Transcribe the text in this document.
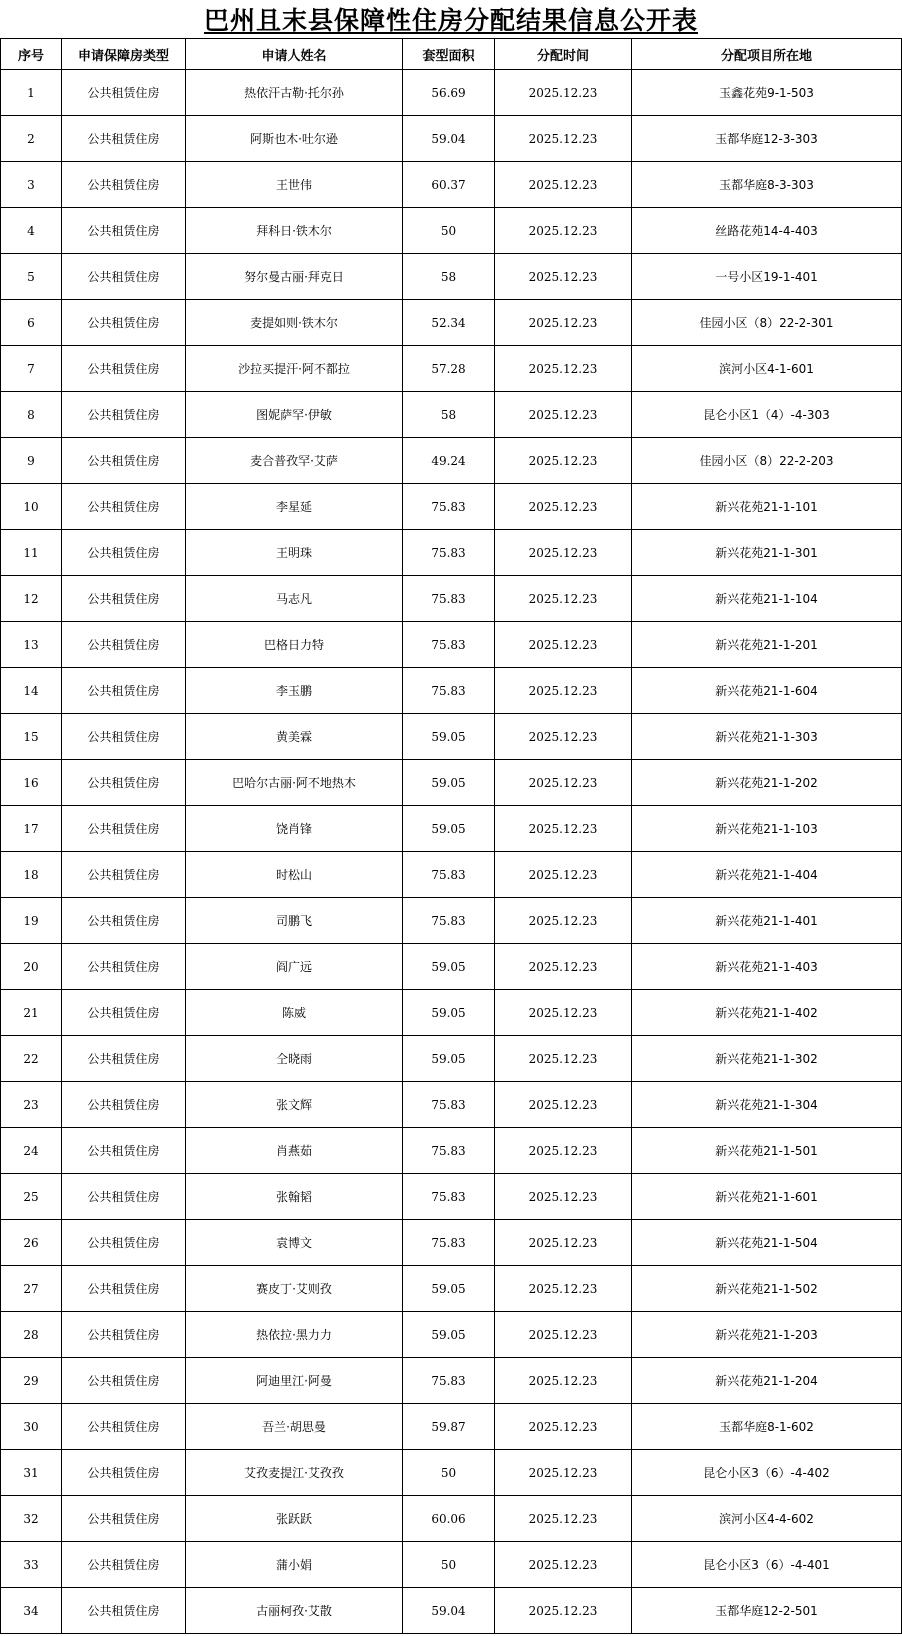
巴州且末县保障性住房分配结果信息公开表
序号	申请保障房类型	申请人姓名	套型面积	分配时间	分配项目所在地
1	公共租赁住房	热依汗古勒·托尔孙	56.69	2025.12.23	玉鑫花苑9-1-503
2	公共租赁住房	阿斯也木·吐尔逊	59.04	2025.12.23	玉都华庭12-3-303
3	公共租赁住房	王世伟	60.37	2025.12.23	玉都华庭8-3-303
4	公共租赁住房	拜科日·铁木尔	50	2025.12.23	丝路花苑14-4-403
5	公共租赁住房	努尔曼古丽·拜克日	58	2025.12.23	一号小区19-1-401
6	公共租赁住房	麦提如则·铁木尔	52.34	2025.12.23	佳园小区（8）22-2-301
7	公共租赁住房	沙拉买提汗·阿不都拉	57.28	2025.12.23	滨河小区4-1-601
8	公共租赁住房	图妮萨罕·伊敏	58	2025.12.23	昆仑小区1（4）-4-303
9	公共租赁住房	麦合普孜罕·艾萨	49.24	2025.12.23	佳园小区（8）22-2-203
10	公共租赁住房	李星延	75.83	2025.12.23	新兴花苑21-1-101
11	公共租赁住房	王明珠	75.83	2025.12.23	新兴花苑21-1-301
12	公共租赁住房	马志凡	75.83	2025.12.23	新兴花苑21-1-104
13	公共租赁住房	巴格日力特	75.83	2025.12.23	新兴花苑21-1-201
14	公共租赁住房	李玉鹏	75.83	2025.12.23	新兴花苑21-1-604
15	公共租赁住房	黄美霖	59.05	2025.12.23	新兴花苑21-1-303
16	公共租赁住房	巴哈尔古丽·阿不地热木	59.05	2025.12.23	新兴花苑21-1-202
17	公共租赁住房	饶肖锋	59.05	2025.12.23	新兴花苑21-1-103
18	公共租赁住房	时松山	75.83	2025.12.23	新兴花苑21-1-404
19	公共租赁住房	司鹏飞	75.83	2025.12.23	新兴花苑21-1-401
20	公共租赁住房	阎广远	59.05	2025.12.23	新兴花苑21-1-403
21	公共租赁住房	陈威	59.05	2025.12.23	新兴花苑21-1-402
22	公共租赁住房	仝晓雨	59.05	2025.12.23	新兴花苑21-1-302
23	公共租赁住房	张文辉	75.83	2025.12.23	新兴花苑21-1-304
24	公共租赁住房	肖燕茹	75.83	2025.12.23	新兴花苑21-1-501
25	公共租赁住房	张翰韬	75.83	2025.12.23	新兴花苑21-1-601
26	公共租赁住房	袁博文	75.83	2025.12.23	新兴花苑21-1-504
27	公共租赁住房	赛皮丁·艾则孜	59.05	2025.12.23	新兴花苑21-1-502
28	公共租赁住房	热依拉·黑力力	59.05	2025.12.23	新兴花苑21-1-203
29	公共租赁住房	阿迪里江·阿曼	75.83	2025.12.23	新兴花苑21-1-204
30	公共租赁住房	吾兰·胡思曼	59.87	2025.12.23	玉都华庭8-1-602
31	公共租赁住房	艾孜麦提江·艾孜孜	50	2025.12.23	昆仑小区3（6）-4-402
32	公共租赁住房	张跃跃	60.06	2025.12.23	滨河小区4-4-602
33	公共租赁住房	蒲小娟	50	2025.12.23	昆仑小区3（6）-4-401
34	公共租赁住房	古丽柯孜·艾散	59.04	2025.12.23	玉都华庭12-2-501
